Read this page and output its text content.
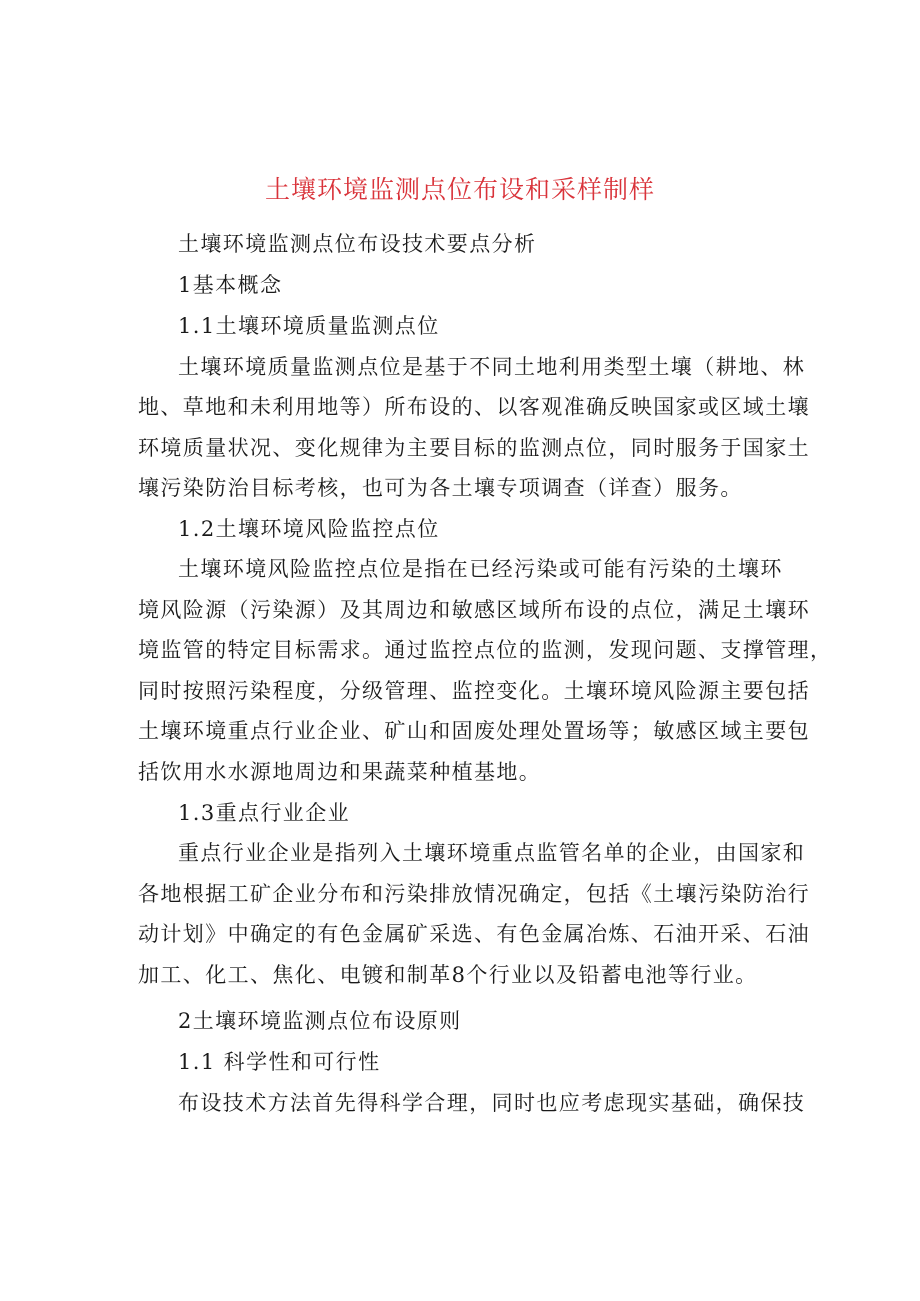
土壤环境监测点位布设和采样制样
土壤环境监测点位布设技术要点分析
1基本概念
1.1土壤环境质量监测点位
土壤环境质量监测点位是基于不同土地利用类型土壤（耕地、林
地、草地和未利用地等）所布设的、以客观准确反映国家或区域土壤
环境质量状况、变化规律为主要目标的监测点位，同时服务于国家土
壤污染防治目标考核，也可为各土壤专项调查（详查）服务。
1.2土壤环境风险监控点位
土壤环境风险监控点位是指在已经污染或可能有污染的土壤环
境风险源（污染源）及其周边和敏感区域所布设的点位，满足土壤环
境监管的特定目标需求。通过监控点位的监测，发现问题、支撑管理，
同时按照污染程度，分级管理、监控变化。土壤环境风险源主要包括
土壤环境重点行业企业、矿山和固废处理处置场等；敏感区域主要包
括饮用水水源地周边和果蔬菜种植基地。
1.3重点行业企业
重点行业企业是指列入土壤环境重点监管名单的企业，由国家和
各地根据工矿企业分布和污染排放情况确定，包括《土壤污染防治行
动计划》中确定的有色金属矿采选、有色金属冶炼、石油开采、石油
加工、化工、焦化、电镀和制革8个行业以及铅蓄电池等行业。
2土壤环境监测点位布设原则
1.1 科学性和可行性
布设技术方法首先得科学合理，同时也应考虑现实基础，确保技
